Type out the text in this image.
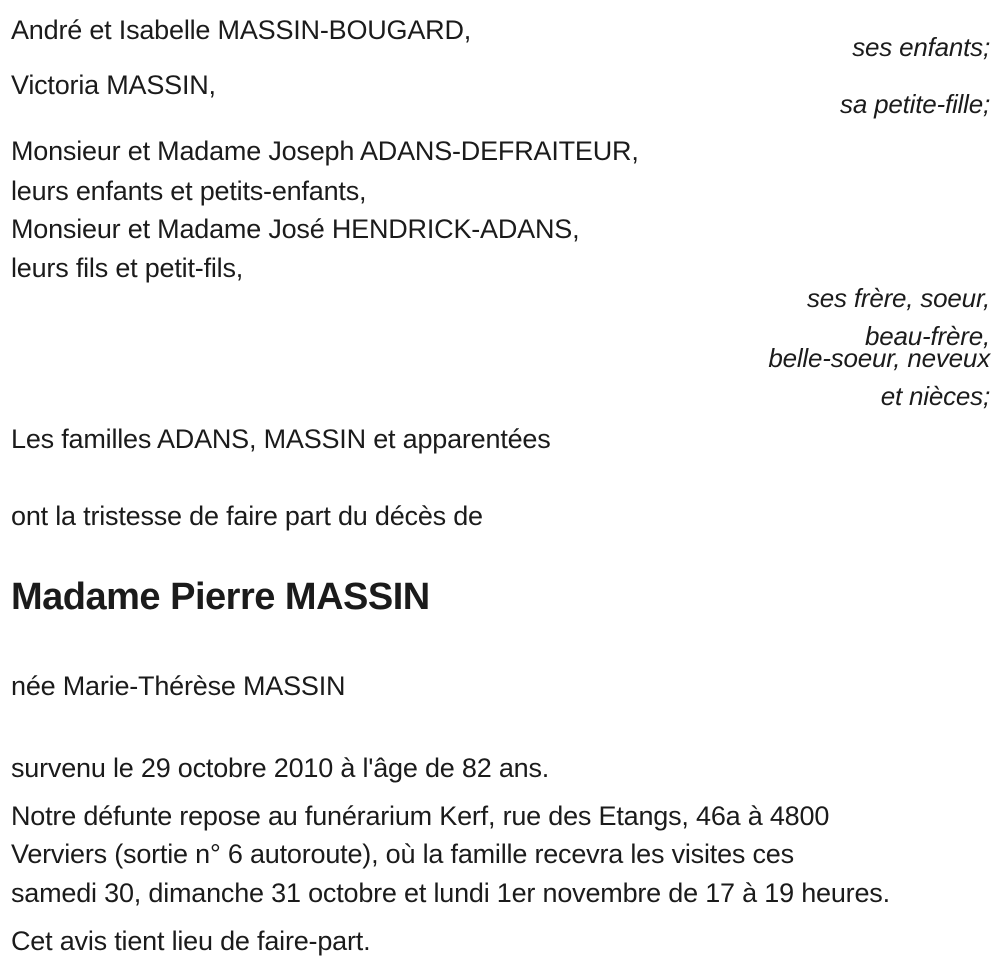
André et Isabelle MASSIN-BOUGARD,
ses enfants;
Victoria MASSIN,
sa petite-fille;
Monsieur et Madame Joseph ADANS-DEFRAITEUR,
leurs enfants et petits-enfants,
Monsieur et Madame José HENDRICK-ADANS,
leurs fils et petit-fils,
ses frère, soeur,
beau-frère,
belle-soeur, neveux
et nièces;
Les familles ADANS, MASSIN et apparentées
ont la tristesse de faire part du décès de
Madame Pierre MASSIN
née Marie-Thérèse MASSIN
survenu le 29 octobre 2010 à l'âge de 82 ans.
Notre défunte repose au funérarium Kerf, rue des Etangs, 46a à 4800
Verviers (sortie n° 6 autoroute), où la famille recevra les visites ces
samedi 30, dimanche 31 octobre et lundi 1er novembre de 17 à 19 heures.
Cet avis tient lieu de faire-part.
